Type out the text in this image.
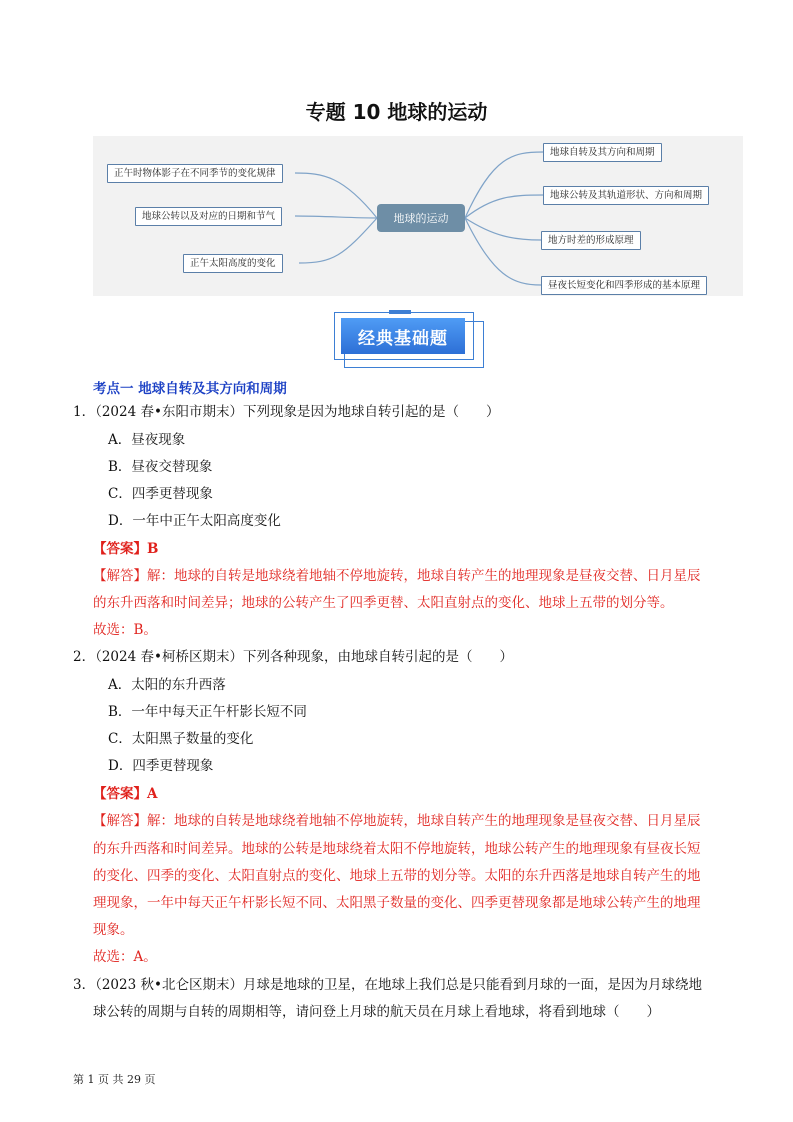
专题 10 地球的运动
地球的运动
正午时物体影子在不同季节的变化规律
地球公转以及对应的日期和节气
正午太阳高度的变化
地球自转及其方向和周期
地球公转及其轨道形状、方向和周期
地方时差的形成原理
昼夜长短变化和四季形成的基本原理
经典基础题
考点一 地球自转及其方向和周期
1．（2024 春•东阳市期末）下列现象是因为地球自转引起的是（　　）
A．昼夜现象
B．昼夜交替现象
C．四季更替现象
D．一年中正午太阳高度变化
【答案】B
【解答】解：地球的自转是地球绕着地轴不停地旋转，地球自转产生的地理现象是昼夜交替、日月星辰
的东升西落和时间差异；地球的公转产生了四季更替、太阳直射点的变化、地球上五带的划分等。
故选：B。
2．（2024 春•柯桥区期末）下列各种现象，由地球自转引起的是（　　）
A．太阳的东升西落
B．一年中每天正午杆影长短不同
C．太阳黑子数量的变化
D．四季更替现象
【答案】A
【解答】解：地球的自转是地球绕着地轴不停地旋转，地球自转产生的地理现象是昼夜交替、日月星辰
的东升西落和时间差异。地球的公转是地球绕着太阳不停地旋转，地球公转产生的地理现象有昼夜长短
的变化、四季的变化、太阳直射点的变化、地球上五带的划分等。太阳的东升西落是地球自转产生的地
理现象，一年中每天正午杆影长短不同、太阳黑子数量的变化、四季更替现象都是地球公转产生的地理
现象。
故选：A。
3．（2023 秋•北仑区期末）月球是地球的卫星，在地球上我们总是只能看到月球的一面，是因为月球绕地
球公转的周期与自转的周期相等，请问登上月球的航天员在月球上看地球，将看到地球（　　）
第 1 页 共 29 页
